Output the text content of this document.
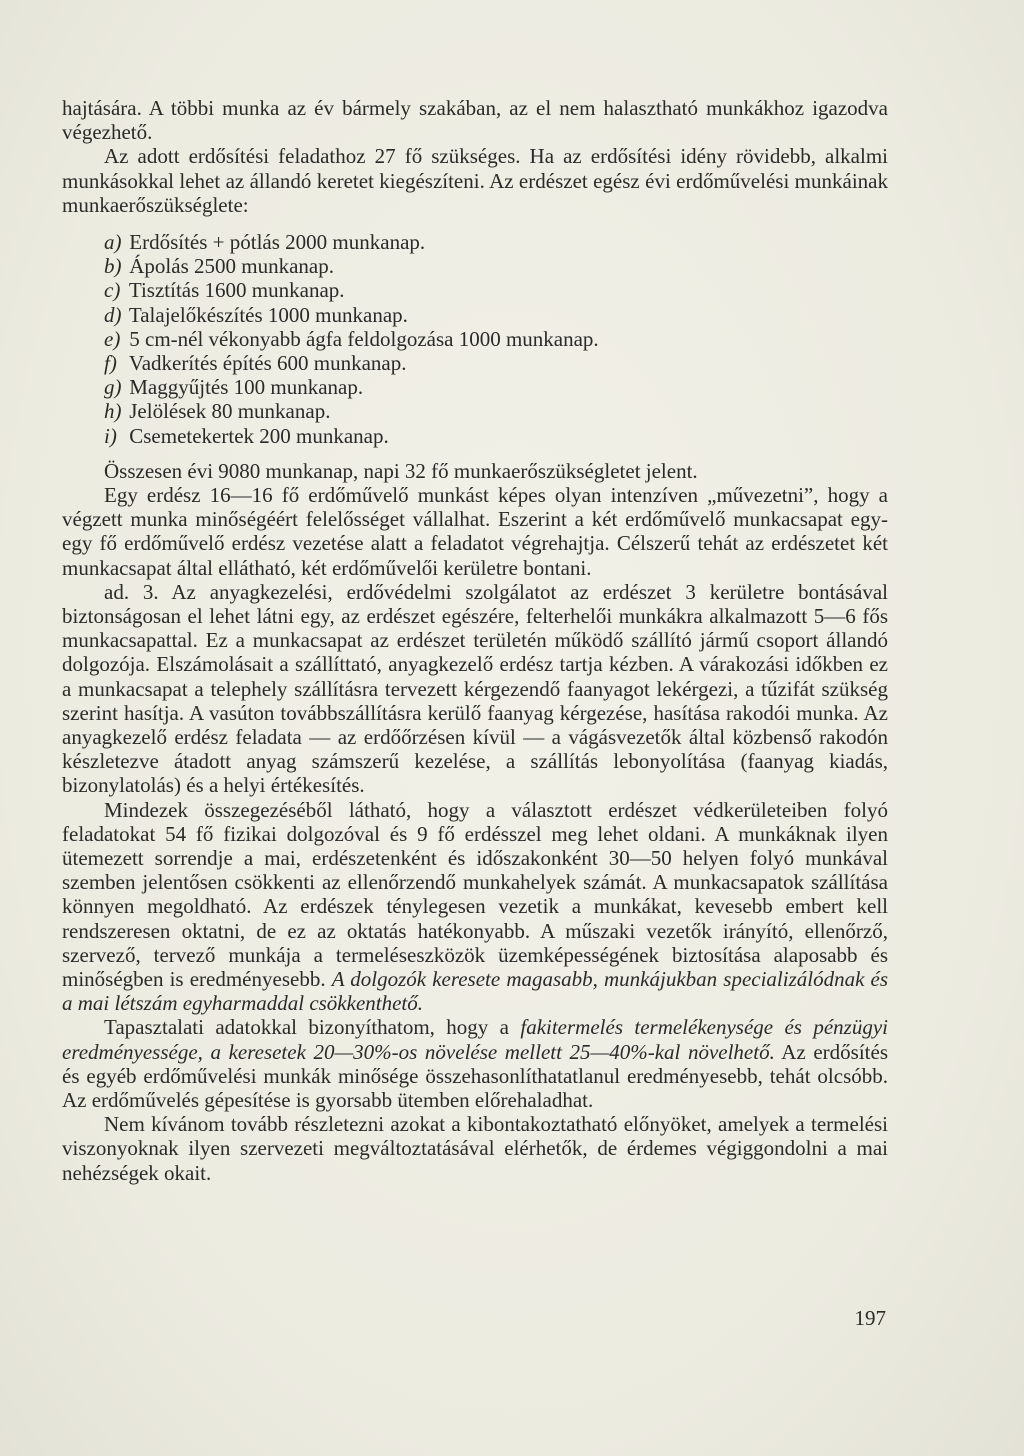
hajtására. A többi munka az év bármely szakában, az el nem halasztható munkákhoz igazodva végezhető.

Az adott erdősítési feladathoz 27 fő szükséges. Ha az erdősítési idény rövidebb, alkalmi munkásokkal lehet az állandó keretet kiegészíteni. Az erdészet egész évi erdőművelési munkáinak munkaerőszükséglete:

a) Erdősítés + pótlás 2000 munkanap.
b) Ápolás 2500 munkanap.
c) Tisztítás 1600 munkanap.
d) Talajelőkészítés 1000 munkanap.
e) 5 cm-nél vékonyabb ágfa feldolgozása 1000 munkanap.
f) Vadkerítés építés 600 munkanap.
g) Maggyűjtés 100 munkanap.
h) Jelölések 80 munkanap.
i) Csemetekertek 200 munkanap.

Összesen évi 9080 munkanap, napi 32 fő munkaerőszükségletet jelent.

Egy erdész 16—16 fő erdőművelő munkást képes olyan intenzíven „művezetni”, hogy a végzett munka minőségéért felelősséget vállalhat. Eszerint a két erdőművelő munkacsapat egy-egy fő erdőművelő erdész vezetése alatt a feladatot végrehajtja. Célszerű tehát az erdészetet két munkacsapat által ellátható, két erdőművelői kerületre bontani.

ad. 3. Az anyagkezelési, erdővédelmi szolgálatot az erdészet 3 kerületre bontásával biztonságosan el lehet látni egy, az erdészet egészére, felterhelői munkákra alkalmazott 5—6 fős munkacsapattal. Ez a munkacsapat az erdészet területén működő szállító jármű csoport állandó dolgozója. Elszámolásait a szállíttató, anyagkezelő erdész tartja kézben. A várakozási időkben ez a munkacsapat a telephely szállításra tervezett kérgezendő faanyagot lekérgezi, a tűzifát szükség szerint hasítja. A vasúton továbbszállításra kerülő faanyag kérgezése, hasítása rakodói munka. Az anyagkezelő erdész feladata — az erdőőrzésen kívül — a vágásvezetők által közbenső rakodón készletezve átadott anyag számszerű kezelése, a szállítás lebonyolítása (faanyag kiadás, bizonylatolás) és a helyi értékesítés.

Mindezek összegezéséből látható, hogy a választott erdészet védkerületeiben folyó feladatokat 54 fő fizikai dolgozóval és 9 fő erdésszel meg lehet oldani. A munkáknak ilyen ütemezett sorrendje a mai, erdészetenként és időszakonként 30—50 helyen folyó munkával szemben jelentősen csökkenti az ellenőrzendő munkahelyek számát. A munkacsapatok szállítása könnyen megoldható. Az erdészek ténylegesen vezetik a munkákat, kevesebb embert kell rendszeresen oktatni, de ez az oktatás hatékonyabb. A műszaki vezetők irányító, ellenőrző, szervező, tervező munkája a termeléseszközök üzemképességének biztosítása alaposabb és minőségben is eredményesebb. A dolgozók keresete magasabb, munkájukban specializálódnak és a mai létszám egyharmaddal csökkenthető.

Tapasztalati adatokkal bizonyíthatom, hogy a fakitermelés termelékenysége és pénzügyi eredményessége, a keresetek 20—30%-os növelése mellett 25—40%-kal növelhető. Az erdősítés és egyéb erdőművelési munkák minősége összehasonlíthatatlanul eredményesebb, tehát olcsóbb. Az erdőművelés gépesítése is gyorsabb ütemben előrehaladhat.

Nem kívánom tovább részletezni azokat a kibontakoztatható előnyöket, amelyek a termelési viszonyoknak ilyen szervezeti megváltoztatásával elérhetők, de érdemes végiggondolni a mai nehézségek okait.

197
